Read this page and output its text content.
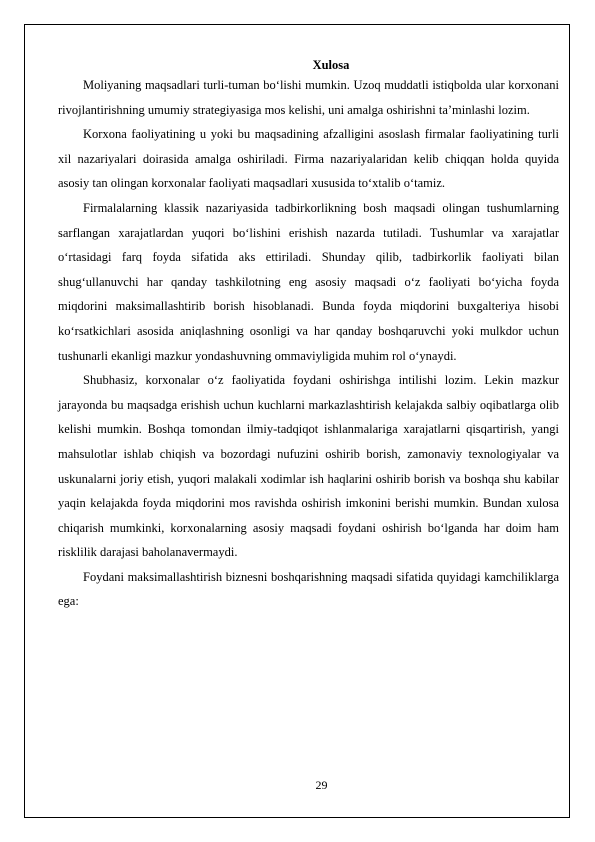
Xulosa

Moliyaning maqsadlari turli-tuman bo‘lishi mumkin. Uzoq muddatli istiqbolda ular korxonani rivojlantirishning umumiy strategiyasiga mos kelishi, uni amalga oshirishni ta’minlashi lozim.

Korxona faoliyatining u yoki bu maqsadining afzalligini asoslash firmalar faoliyatining turli xil nazariyalari doirasida amalga oshiriladi. Firma nazariyalaridan kelib chiqqan holda quyida asosiy tan olingan korxonalar faoliyati maqsadlari xususida to‘xtalib o‘tamiz.

Firmalalarning klassik nazariyasida tadbirkorlikning bosh maqsadi olingan tushumlarning sarflangan xarajatlardan yuqori bo‘lishini erishish nazarda tutiladi. Tushumlar va xarajatlar o‘rtasidagi farq foyda sifatida aks ettiriladi. Shunday qilib, tadbirkorlik faoliyati bilan shug‘ullanuvchi har qanday tashkilotning eng asosiy maqsadi o‘z faoliyati bo‘yicha foyda miqdorini maksimallashtirib borish hisoblanadi. Bunda foyda miqdorini buxgalteriya hisobi ko‘rsatkichlari asosida aniqlashning osonligi va har qanday boshqaruvchi yoki mulkdor uchun tushunarli ekanligi mazkur yondashuvning ommaviyligida muhim rol o‘ynaydi.

Shubhasiz, korxonalar o‘z faoliyatida foydani oshirishga intilishi lozim. Lekin mazkur jarayonda bu maqsadga erishish uchun kuchlarni markazlashtirish kelajakda salbiy oqibatlarga olib kelishi mumkin. Boshqa tomondan ilmiy-tadqiqot ishlanmalariga xarajatlarni qisqartirish, yangi mahsulotlar ishlab chiqish va bozordagi nufuzini oshirib borish, zamonaviy texnologiyalar va uskunalarni joriy etish, yuqori malakali xodimlar ish haqlarini oshirib borish va boshqa shu kabilar yaqin kelajakda foyda miqdorini mos ravishda oshirish imkonini berishi mumkin. Bundan xulosa chiqarish mumkinki, korxonalarning asosiy maqsadi foydani oshirish bo‘lganda har doim ham risklilik darajasi baholanavermaydi.

Foydani maksimallashtirish biznesni boshqarishning maqsadi sifatida quyidagi kamchiliklarga ega:

29
